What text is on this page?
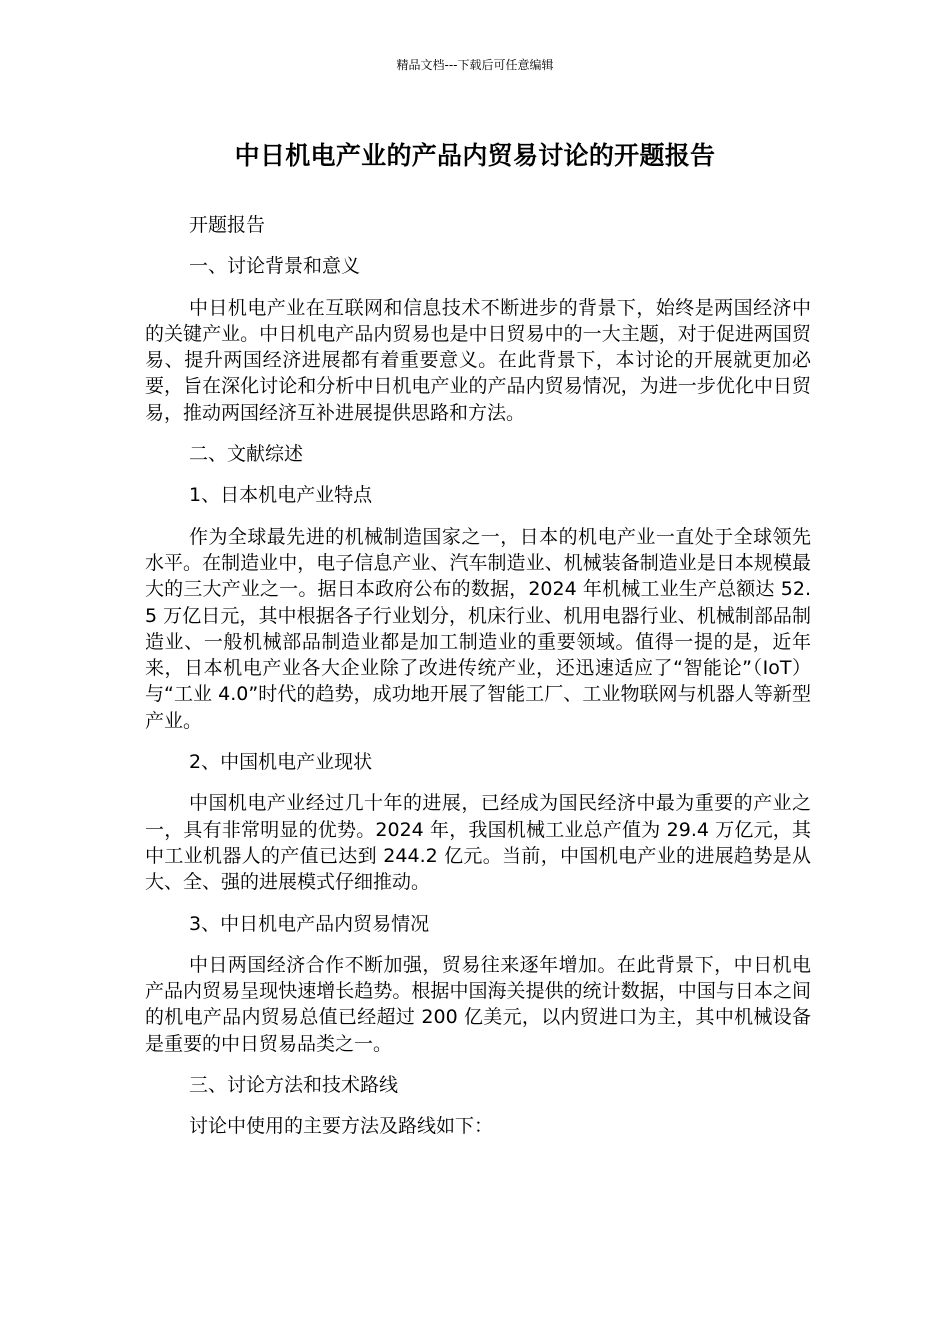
精品文档---下载后可任意编辑
中日机电产业的产品内贸易讨论的开题报告

开题报告

一、讨论背景和意义

中日机电产业在互联网和信息技术不断进步的背景下，始终是两国经济中的关键产业。中日机电产品内贸易也是中日贸易中的一大主题，对于促进两国贸易、提升两国经济进展都有着重要意义。在此背景下，本讨论的开展就更加必要，旨在深化讨论和分析中日机电产业的产品内贸易情况，为进一步优化中日贸易，推动两国经济互补进展提供思路和方法。

二、文献综述

1、日本机电产业特点

作为全球最先进的机械制造国家之一，日本的机电产业一直处于全球领先水平。在制造业中，电子信息产业、汽车制造业、机械装备制造业是日本规模最大的三大产业之一。据日本政府公布的数据，2024 年机械工业生产总额达 52.5 万亿日元，其中根据各子行业划分，机床行业、机用电器行业、机械制部品制造业、一般机械部品制造业都是加工制造业的重要领域。值得一提的是，近年来，日本机电产业各大企业除了改进传统产业，还迅速适应了“智能论”（IoT）与“工业 4.0”时代的趋势，成功地开展了智能工厂、工业物联网与机器人等新型产业。

2、中国机电产业现状

中国机电产业经过几十年的进展，已经成为国民经济中最为重要的产业之一，具有非常明显的优势。2024 年，我国机械工业总产值为 29.4 万亿元，其中工业机器人的产值已达到 244.2 亿元。当前，中国机电产业的进展趋势是从大、全、强的进展模式仔细推动。

3、中日机电产品内贸易情况

中日两国经济合作不断加强，贸易往来逐年增加。在此背景下，中日机电产品内贸易呈现快速增长趋势。根据中国海关提供的统计数据，中国与日本之间的机电产品内贸易总值已经超过 200 亿美元，以内贸进口为主，其中机械设备是重要的中日贸易品类之一。

三、讨论方法和技术路线

讨论中使用的主要方法及路线如下：
